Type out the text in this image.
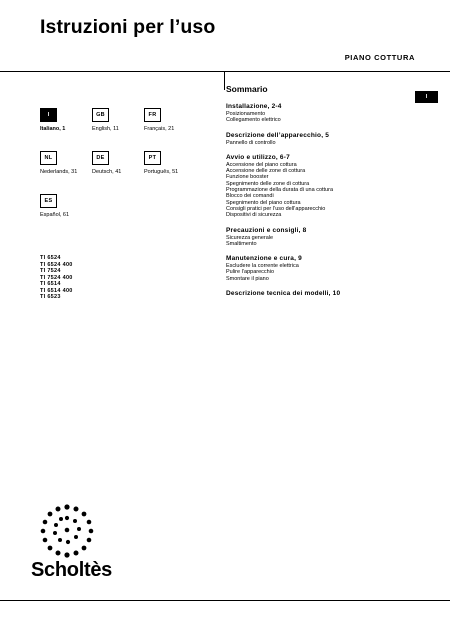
Istruzioni per l’uso
PIANO COTTURA
I
Italiano, 1
GB
English, 11
FR
Français, 21
NL
Nederlands, 31
DE
Deutsch, 41
PT
Português, 51
ES
Español, 61
TI 6524
TI 6524 400
TI 7524
TI 7524 400
TI 6514
TI 6514 400
TI 6523
Sommario
Installazione, 2-4
Posizionamento
Collegamento elettrico
Descrizione dell’apparecchio, 5
Pannello di controllo
Avvio e utilizzo, 6-7
Accensione del piano cottura
Accensione delle zone di cottura
Funzione booster
Spegnimento delle zone di cottura
Programmazione della durata di una cottura
Blocco dei comandi
Spegnimento del piano cottura
Consigli pratici per l’uso dell’apparecchio
Dispositivi di sicurezza
Precauzioni e consigli, 8
Sicurezza generale
Smaltimento
Manutenzione e cura, 9
Escludere la corrente elettrica
Pulire l’apparecchio
Smontare il piano
Descrizione tecnica dei modelli, 10
I
Scholtès
